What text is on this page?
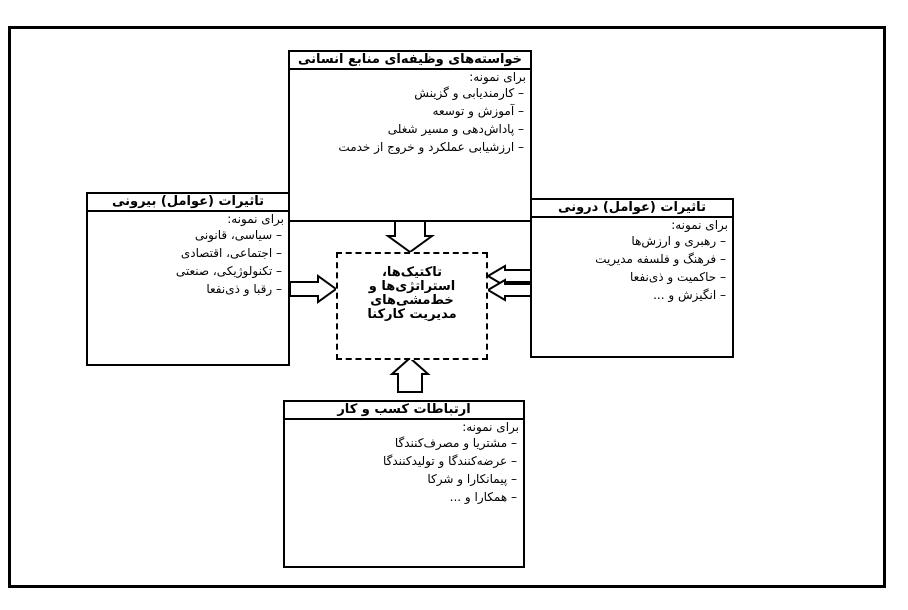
خواسته‌های وظیفه‌ای منابع انسانی
برای نمونه:
– کارمندیابی و گزینش
– آموزش و توسعه
– پاداش‌دهی و مسیر شغلی
– ارزشیابی عملکرد و خروج از خدمت
تاثیرات (عوامل) بیرونی
برای نمونه:
– سیاسی، قانونی
– اجتماعی، اقتصادی
– تکنولوژیکی، صنعتی
– رقبا و ذی‌نفعا
تاثیرات (عوامل) درونی
برای نمونه:
– رهبری و ارزش‌ها
– فرهنگ و فلسفه مدیریت
– حاکمیت و ذی‌نفعا
– انگیزش و ...
ارتباطات کسب و کار
برای نمونه:
– مشتریا و مصرف‌کنندگا
– عرضه‌کنندگا و تولیدکنندگا
– پیمانکارا و شرکا
– همکارا و ...
تاکتیک‌ها، استراتژی‌ها و خط‌مشی‌های مدیریت کارکنا
